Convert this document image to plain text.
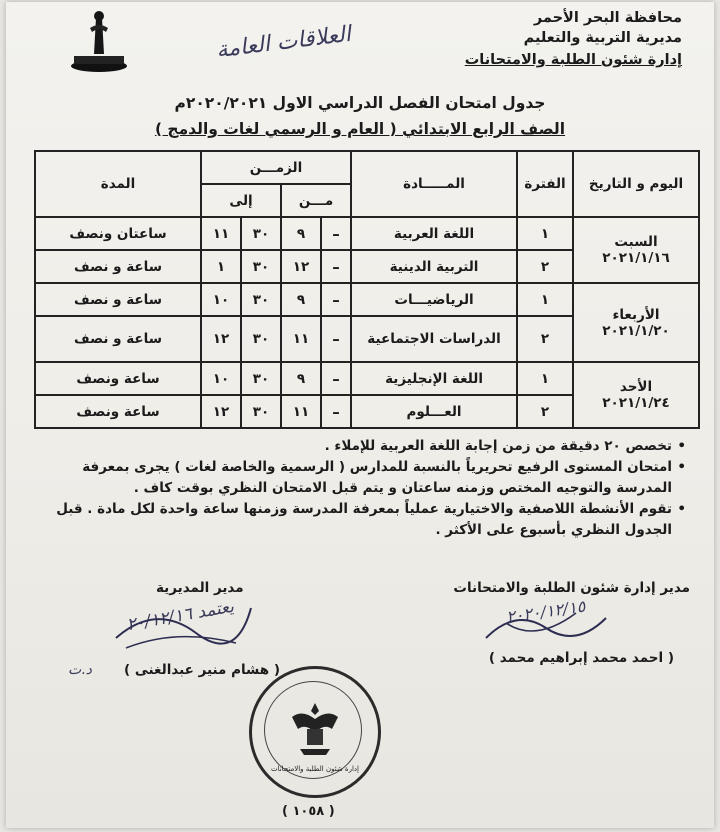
محافظة البحر الأحمر
مديرية التربية والتعليم
إدارة شئون الطلبة والامتحانات
العلاقات العامة
جدول امتحان الفصل الدراسي الاول ٢٠٢٠/٢٠٢١م
الصف الرابع الابتدائي ( العام و الرسمي لغات والدمج )
اليوم و التاريخ	الفترة	المـــــادة	الزمـــن				المدة
			مـــن		إلى		

السبت
٢٠٢١/١/١٦	١	اللغة العربية	–	٩	٣٠	١١	ساعتان ونصف
	٢	التربية الدينية	–	١٢	٣٠	١	ساعة و نصف

الأربعاء
٢٠٢١/١/٢٠	١	الرياضيـــات	–	٩	٣٠	١٠	ساعة و نصف
	٢	الدراسات الاجتماعية	–	١١	٣٠	١٢	ساعة و نصف

الأحد
٢٠٢١/١/٢٤	١	اللغة الإنجليزية	–	٩	٣٠	١٠	ساعة ونصف
	٢	العـــلوم	–	١١	٣٠	١٢	ساعة ونصف
• تخصص ٢٠ دقيقة من زمن إجابة اللغة العربية للإملاء .
• امتحان المستوى الرفيع تحريرياً بالنسبة للمدارس ( الرسمية والخاصة لغات ) يجرى بمعرفة المدرسة والتوجيه المختص وزمنه ساعتان و يتم قبل الامتحان النظري بوقت كاف .
• تقوم الأنشطة اللاصفية والاختيارية عملياً بمعرفة المدرسة وزمنها ساعة واحدة لكل مادة . قبل الجدول النظري بأسبوع على الأكثر .
مدير إدارة شئون الطلبة والامتحانات
٢٠٢٠/١٢/١٥
( احمد محمد إبراهيم محمد )
مدير المديرية
يعتمد ٢٠/١٢/١٦
( هشام منير عبدالغنى )
د.ت
إدارة شئون الطلبة والامتحانات
( ١٠٥٨ )
